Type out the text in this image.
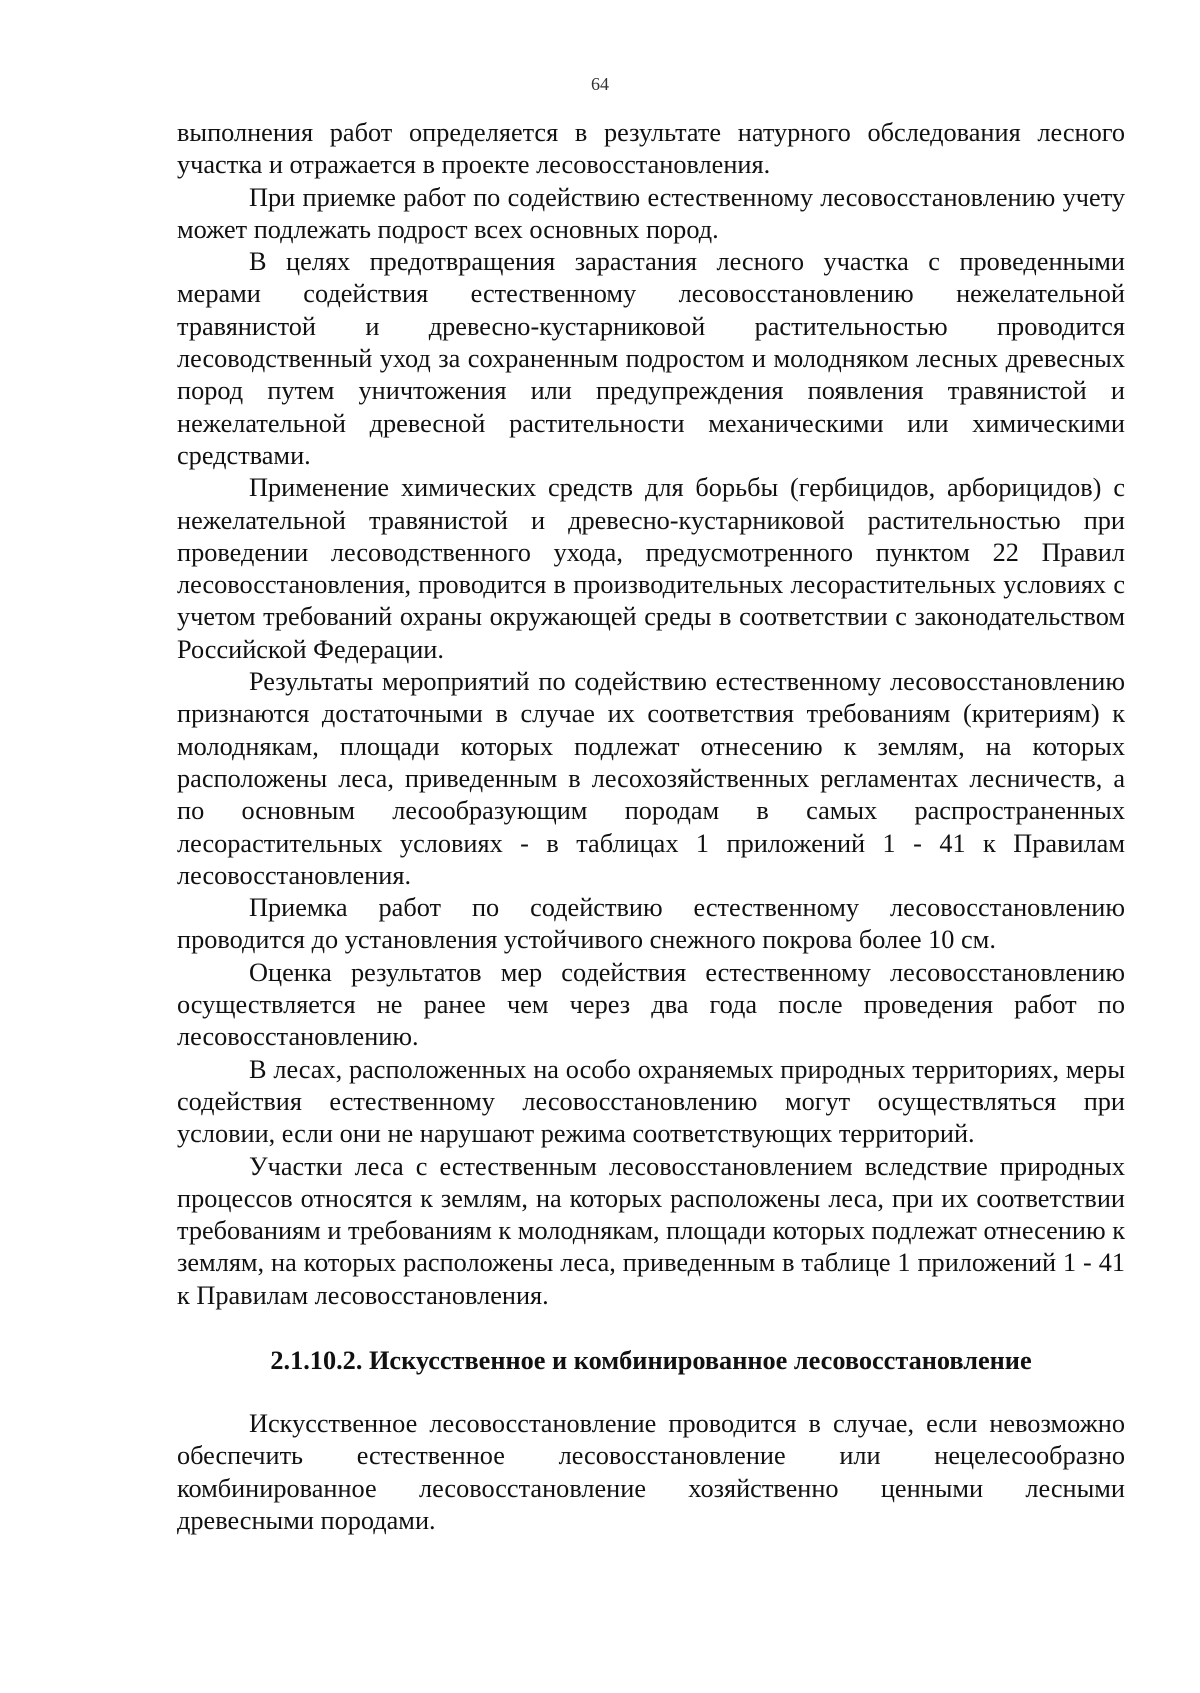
64

выполнения работ определяется в результате натурного обследования лесного участка и отражается в проекте лесовосстановления.

При приемке работ по содействию естественному лесовосстановлению учету может подлежать подрост всех основных пород.

В целях предотвращения зарастания лесного участка с проведенными мерами содействия естественному лесовосстановлению нежелательной травянистой и древесно-кустарниковой растительностью проводится лесоводственный уход за сохраненным подростом и молодняком лесных древесных пород путем уничтожения или предупреждения появления травянистой и нежелательной древесной растительности механическими или химическими средствами.

Применение химических средств для борьбы (гербицидов, арборицидов) с нежелательной травянистой и древесно-кустарниковой растительностью при проведении лесоводственного ухода, предусмотренного пунктом 22 Правил лесовосстановления, проводится в производительных лесорастительных условиях с учетом требований охраны окружающей среды в соответствии с законодательством Российской Федерации.

Результаты мероприятий по содействию естественному лесовосстановлению признаются достаточными в случае их соответствия требованиям (критериям) к молоднякам, площади которых подлежат отнесению к землям, на которых расположены леса, приведенным в лесохозяйственных регламентах лесничеств, а по основным лесообразующим породам в самых распространенных лесорастительных условиях - в таблицах 1 приложений 1 - 41 к Правилам лесовосстановления.

Приемка работ по содействию естественному лесовосстановлению проводится до установления устойчивого снежного покрова более 10 см.

Оценка результатов мер содействия естественному лесовосстановлению осуществляется не ранее чем через два года после проведения работ по лесовосстановлению.

В лесах, расположенных на особо охраняемых природных территориях, меры содействия естественному лесовосстановлению могут осуществляться при условии, если они не нарушают режима соответствующих территорий.

Участки леса с естественным лесовосстановлением вследствие природных процессов относятся к землям, на которых расположены леса, при их соответствии требованиям и требованиям к молоднякам, площади которых подлежат отнесению к землям, на которых расположены леса, приведенным в таблице 1 приложений 1 - 41 к Правилам лесовосстановления.

2.1.10.2. Искусственное и комбинированное лесовосстановление

Искусственное лесовосстановление проводится в случае, если невозможно обеспечить естественное лесовосстановление или нецелесообразно комбинированное лесовосстановление хозяйственно ценными лесными древесными породами.
